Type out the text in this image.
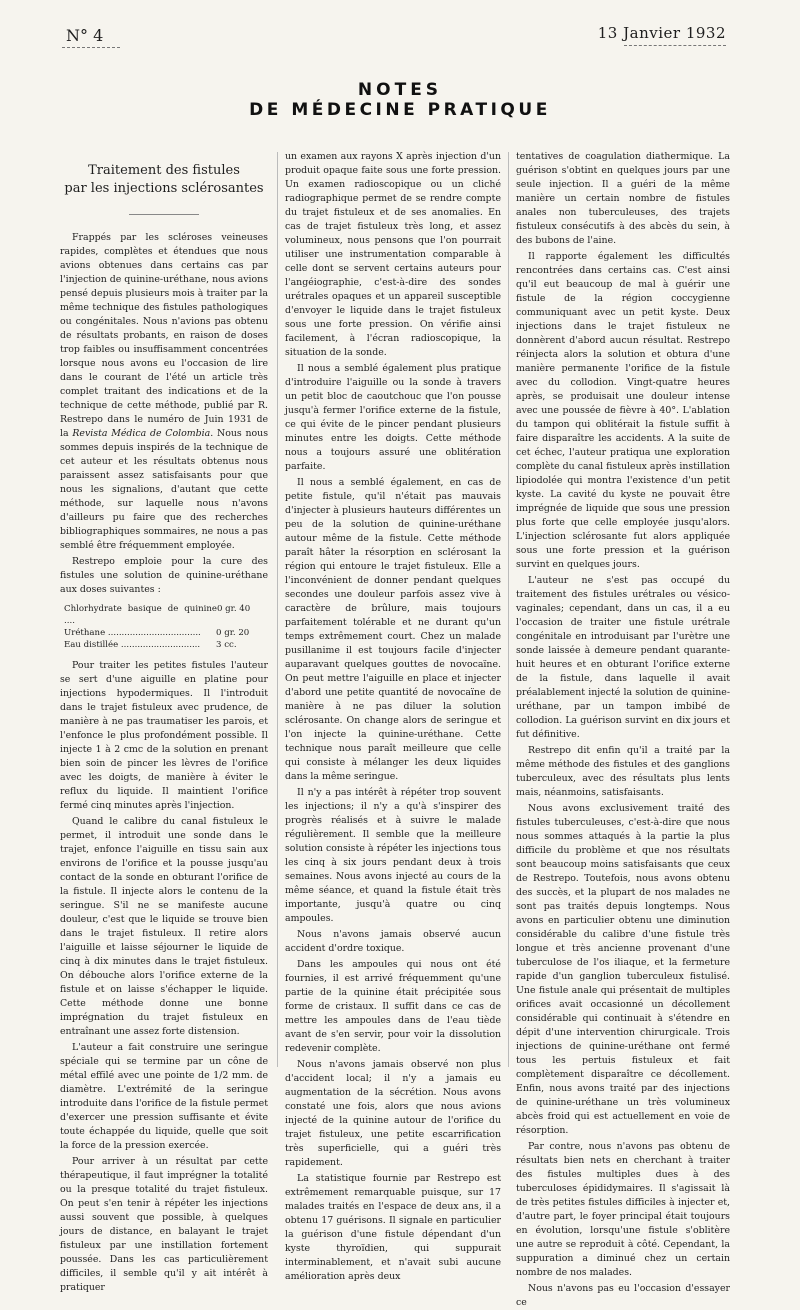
N° 4	13 Janvier 1932
NOTES
DE MÉDECINE PRATIQUE
Traitement des fistules
par les injections sclérosantes

Frappés par les scléroses veineuses rapides, complètes et étendues que nous avions obtenues dans certains cas par l'injection de quinine-uréthane, nous avions pensé depuis plusieurs mois à traiter par la même technique des fistules pathologiques ou congénitales. Nous n'avions pas obtenu de résultats probants, en raison de doses trop faibles ou insuffisamment concentrées lorsque nous avons eu l'occasion de lire dans le courant de l'été un article très complet traitant des indications et de la technique de cette méthode, publié par R. Restrepo dans le numéro de Juin 1931 de la Revista Médica de Colombia. Nous nous sommes depuis inspirés de la technique de cet auteur et les résultats obtenus nous paraissent assez satisfaisants pour que nous les signalions, d'autant que cette méthode, sur laquelle nous n'avons d'ailleurs pu faire que des recherches bibliographiques sommaires, ne nous a pas semblé être fréquemment employée.

Restrepo emploie pour la cure des fistules une solution de quinine-uréthane aux doses suivantes :

Chlorhydrate basique de quinine ....
0 gr. 40
Uréthane .................................. 0 gr. 20
Eau distillée ............................. 3 cc.

Pour traiter les petites fistules l'auteur se sert d'une aiguille en platine pour injections hypodermiques. Il l'introduit dans le trajet fistuleux avec prudence, de manière à ne pas traumatiser les parois, et l'enfonce le plus profondément possible. Il injecte 1 à 2 cmc de la solution en prenant bien soin de pincer les lèvres de l'orifice avec les doigts, de manière à éviter le reflux du liquide. Il maintient l'orifice fermé cinq minutes après l'injection.

Quand le calibre du canal fistuleux le permet, il introduit une sonde dans le trajet, enfonce l'aiguille en tissu sain aux environs de l'orifice et la pousse jusqu'au contact de la sonde en obturant l'orifice de la fistule. Il injecte alors le contenu de la seringue. S'il ne se manifeste aucune douleur, c'est que le liquide se trouve bien dans le trajet fistuleux. Il retire alors l'aiguille et laisse séjourner le liquide de cinq à dix minutes dans le trajet fistuleux. On débouche alors l'orifice externe de la fistule et on laisse s'échapper le liquide. Cette méthode donne une bonne imprégnation du trajet fistuleux en entraînant une assez forte distension.

L'auteur a fait construire une seringue spéciale qui se termine par un cône de métal effilé avec une pointe de 1/2 mm. de diamètre. L'extrémité de la seringue introduite dans l'orifice de la fistule permet d'exercer une pression suffisante et évite toute échappée du liquide, quelle que soit la force de la pression exercée.

Pour arriver à un résultat par cette thérapeutique, il faut imprégner la totalité ou la presque totalité du trajet fistuleux. On peut s'en tenir à répéter les injections aussi souvent que possible, à quelques jours de distance, en balayant le trajet fistuleux par une instillation fortement poussée. Dans les cas particulièrement difficiles, il semble qu'il y ait intérêt à pratiquer

un examen aux rayons X après injection d'un produit opaque faite sous une forte pression. Un examen radioscopique ou un cliché radiographique permet de se rendre compte du trajet fistuleux et de ses anomalies. En cas de trajet fistuleux très long, et assez volumineux, nous pensons que l'on pourrait utiliser une instrumentation comparable à celle dont se servent certains auteurs pour l'angéiographie, c'est-à-dire des sondes urétrales opaques et un appareil susceptible d'envoyer le liquide dans le trajet fistuleux sous une forte pression. On vérifie ainsi facilement, à l'écran radioscopique, la situation de la sonde.

Il nous a semblé également plus pratique d'introduire l'aiguille ou la sonde à travers un petit bloc de caoutchouc que l'on pousse jusqu'à fermer l'orifice externe de la fistule, ce qui évite de le pincer pendant plusieurs minutes entre les doigts. Cette méthode nous a toujours assuré une oblitération parfaite.

Il nous a semblé également, en cas de petite fistule, qu'il n'était pas mauvais d'injecter à plusieurs hauteurs différentes un peu de la solution de quinine-uréthane autour même de la fistule. Cette méthode paraît hâter la résorption en sclérosant la région qui entoure le trajet fistuleux. Elle a l'inconvénient de donner pendant quelques secondes une douleur parfois assez vive à caractère de brûlure, mais toujours parfaitement tolérable et ne durant qu'un temps extrêmement court. Chez un malade pusillanime il est toujours facile d'injecter auparavant quelques gouttes de novocaïne. On peut mettre l'aiguille en place et injecter d'abord une petite quantité de novocaïne de manière à ne pas diluer la solution sclérosante. On change alors de seringue et l'on injecte la quinine-uréthane. Cette technique nous paraît meilleure que celle qui consiste à mélanger les deux liquides dans la même seringue.

Il n'y a pas intérêt à répéter trop souvent les injections; il n'y a qu'à s'inspirer des progrès réalisés et à suivre le malade régulièrement. Il semble que la meilleure solution consiste à répéter les injections tous les cinq à six jours pendant deux à trois semaines. Nous avons injecté au cours de la même séance, et quand la fistule était très importante, jusqu'à quatre ou cinq ampoules.

Nous n'avons jamais observé aucun accident d'ordre toxique.

Dans les ampoules qui nous ont été fournies, il est arrivé fréquemment qu'une partie de la quinine était précipitée sous forme de cristaux. Il suffit dans ce cas de mettre les ampoules dans de l'eau tiède avant de s'en servir, pour voir la dissolution redevenir complète.

Nous n'avons jamais observé non plus d'accident local; il n'y a jamais eu augmentation de la sécrétion. Nous avons constaté une fois, alors que nous avions injecté de la quinine autour de l'orifice du trajet fistuleux, une petite escarrification très superficielle, qui a guéri très rapidement.

La statistique fournie par Restrepo est extrêmement remarquable puisque, sur 17 malades traités en l'espace de deux ans, il a obtenu 17 guérisons. Il signale en particulier la guérison d'une fistule dépendant d'un kyste thyroïdien, qui suppurait interminablement, et n'avait subi aucune amélioration après deux

tentatives de coagulation diathermique. La guérison s'obtint en quelques jours par une seule injection. Il a guéri de la même manière un certain nombre de fistules anales non tuberculeuses, des trajets fistuleux consécutifs à des abcès du sein, à des bubons de l'aine.

Il rapporte également les difficultés rencontrées dans certains cas. C'est ainsi qu'il eut beaucoup de mal à guérir une fistule de la région coccygienne communiquant avec un petit kyste. Deux injections dans le trajet fistuleux ne donnèrent d'abord aucun résultat. Restrepo réinjecta alors la solution et obtura d'une manière permanente l'orifice de la fistule avec du collodion. Vingt-quatre heures après, se produisait une douleur intense avec une poussée de fièvre à 40°. L'ablation du tampon qui oblitérait la fistule suffit à faire disparaître les accidents. A la suite de cet échec, l'auteur pratiqua une exploration complète du canal fistuleux après instillation lipiodolée qui montra l'existence d'un petit kyste. La cavité du kyste ne pouvait être imprégnée de liquide que sous une pression plus forte que celle employée jusqu'alors. L'injection sclérosante fut alors appliquée sous une forte pression et la guérison survint en quelques jours.

L'auteur ne s'est pas occupé du traitement des fistules urétrales ou vésico-vaginales; cependant, dans un cas, il a eu l'occasion de traiter une fistule urétrale congénitale en introduisant par l'urètre une sonde laissée à demeure pendant quarante-huit heures et en obturant l'orifice externe de la fistule, dans laquelle il avait préalablement injecté la solution de quinine-uréthane, par un tampon imbibé de collodion. La guérison survint en dix jours et fut définitive.

Restrepo dit enfin qu'il a traité par la même méthode des fistules et des ganglions tuberculeux, avec des résultats plus lents mais, néanmoins, satisfaisants.

Nous avons exclusivement traité des fistules tuberculeuses, c'est-à-dire que nous nous sommes attaqués à la partie la plus difficile du problème et que nos résultats sont beaucoup moins satisfaisants que ceux de Restrepo. Toutefois, nous avons obtenu des succès, et la plupart de nos malades ne sont pas traités depuis longtemps. Nous avons en particulier obtenu une diminution considérable du calibre d'une fistule très longue et très ancienne provenant d'une tuberculose de l'os iliaque, et la fermeture rapide d'un ganglion tuberculeux fistulisé. Une fistule anale qui présentait de multiples orifices avait occasionné un décollement considérable qui continuait à s'étendre en dépit d'une intervention chirurgicale. Trois injections de quinine-uréthane ont fermé tous les pertuis fistuleux et fait complètement disparaître ce décollement. Enfin, nous avons traité par des injections de quinine-uréthane un très volumineux abcès froid qui est actuellement en voie de résorption.

Par contre, nous n'avons pas obtenu de résultats bien nets en cherchant à traiter des fistules multiples dues à des tuberculoses épididymaires. Il s'agissait là de très petites fistules difficiles à injecter et, d'autre part, le foyer principal était toujours en évolution, lorsqu'une fistule s'oblitère une autre se reproduit à côté. Cependant, la suppuration a diminué chez un certain nombre de nos malades.

Nous n'avons pas eu l'occasion d'essayer ce
